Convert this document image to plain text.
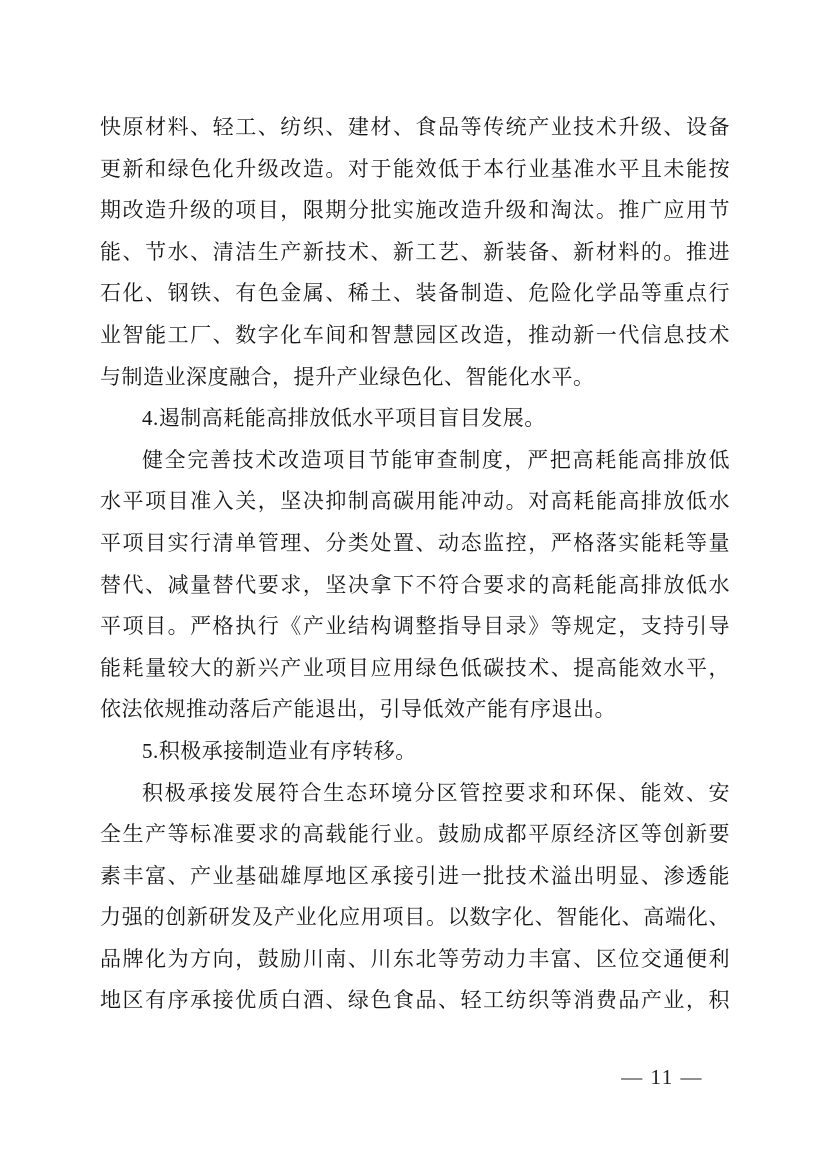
快原材料、轻工、纺织、建材、食品等传统产业技术升级、设备
更新和绿色化升级改造。对于能效低于本行业基准水平且未能按
期改造升级的项目，限期分批实施改造升级和淘汰。推广应用节
能、节水、清洁生产新技术、新工艺、新装备、新材料的。推进
石化、钢铁、有色金属、稀土、装备制造、危险化学品等重点行
业智能工厂、数字化车间和智慧园区改造，推动新一代信息技术
与制造业深度融合，提升产业绿色化、智能化水平。
4.遏制高耗能高排放低水平项目盲目发展。
健全完善技术改造项目节能审查制度，严把高耗能高排放低
水平项目准入关，坚决抑制高碳用能冲动。对高耗能高排放低水
平项目实行清单管理、分类处置、动态监控，严格落实能耗等量
替代、减量替代要求，坚决拿下不符合要求的高耗能高排放低水
平项目。严格执行《产业结构调整指导目录》等规定，支持引导
能耗量较大的新兴产业项目应用绿色低碳技术、提高能效水平，
依法依规推动落后产能退出，引导低效产能有序退出。
5.积极承接制造业有序转移。
积极承接发展符合生态环境分区管控要求和环保、能效、安
全生产等标准要求的高载能行业。鼓励成都平原经济区等创新要
素丰富、产业基础雄厚地区承接引进一批技术溢出明显、渗透能
力强的创新研发及产业化应用项目。以数字化、智能化、高端化、
品牌化为方向，鼓励川南、川东北等劳动力丰富、区位交通便利
地区有序承接优质白酒、绿色食品、轻工纺织等消费品产业，积
— 11 —
